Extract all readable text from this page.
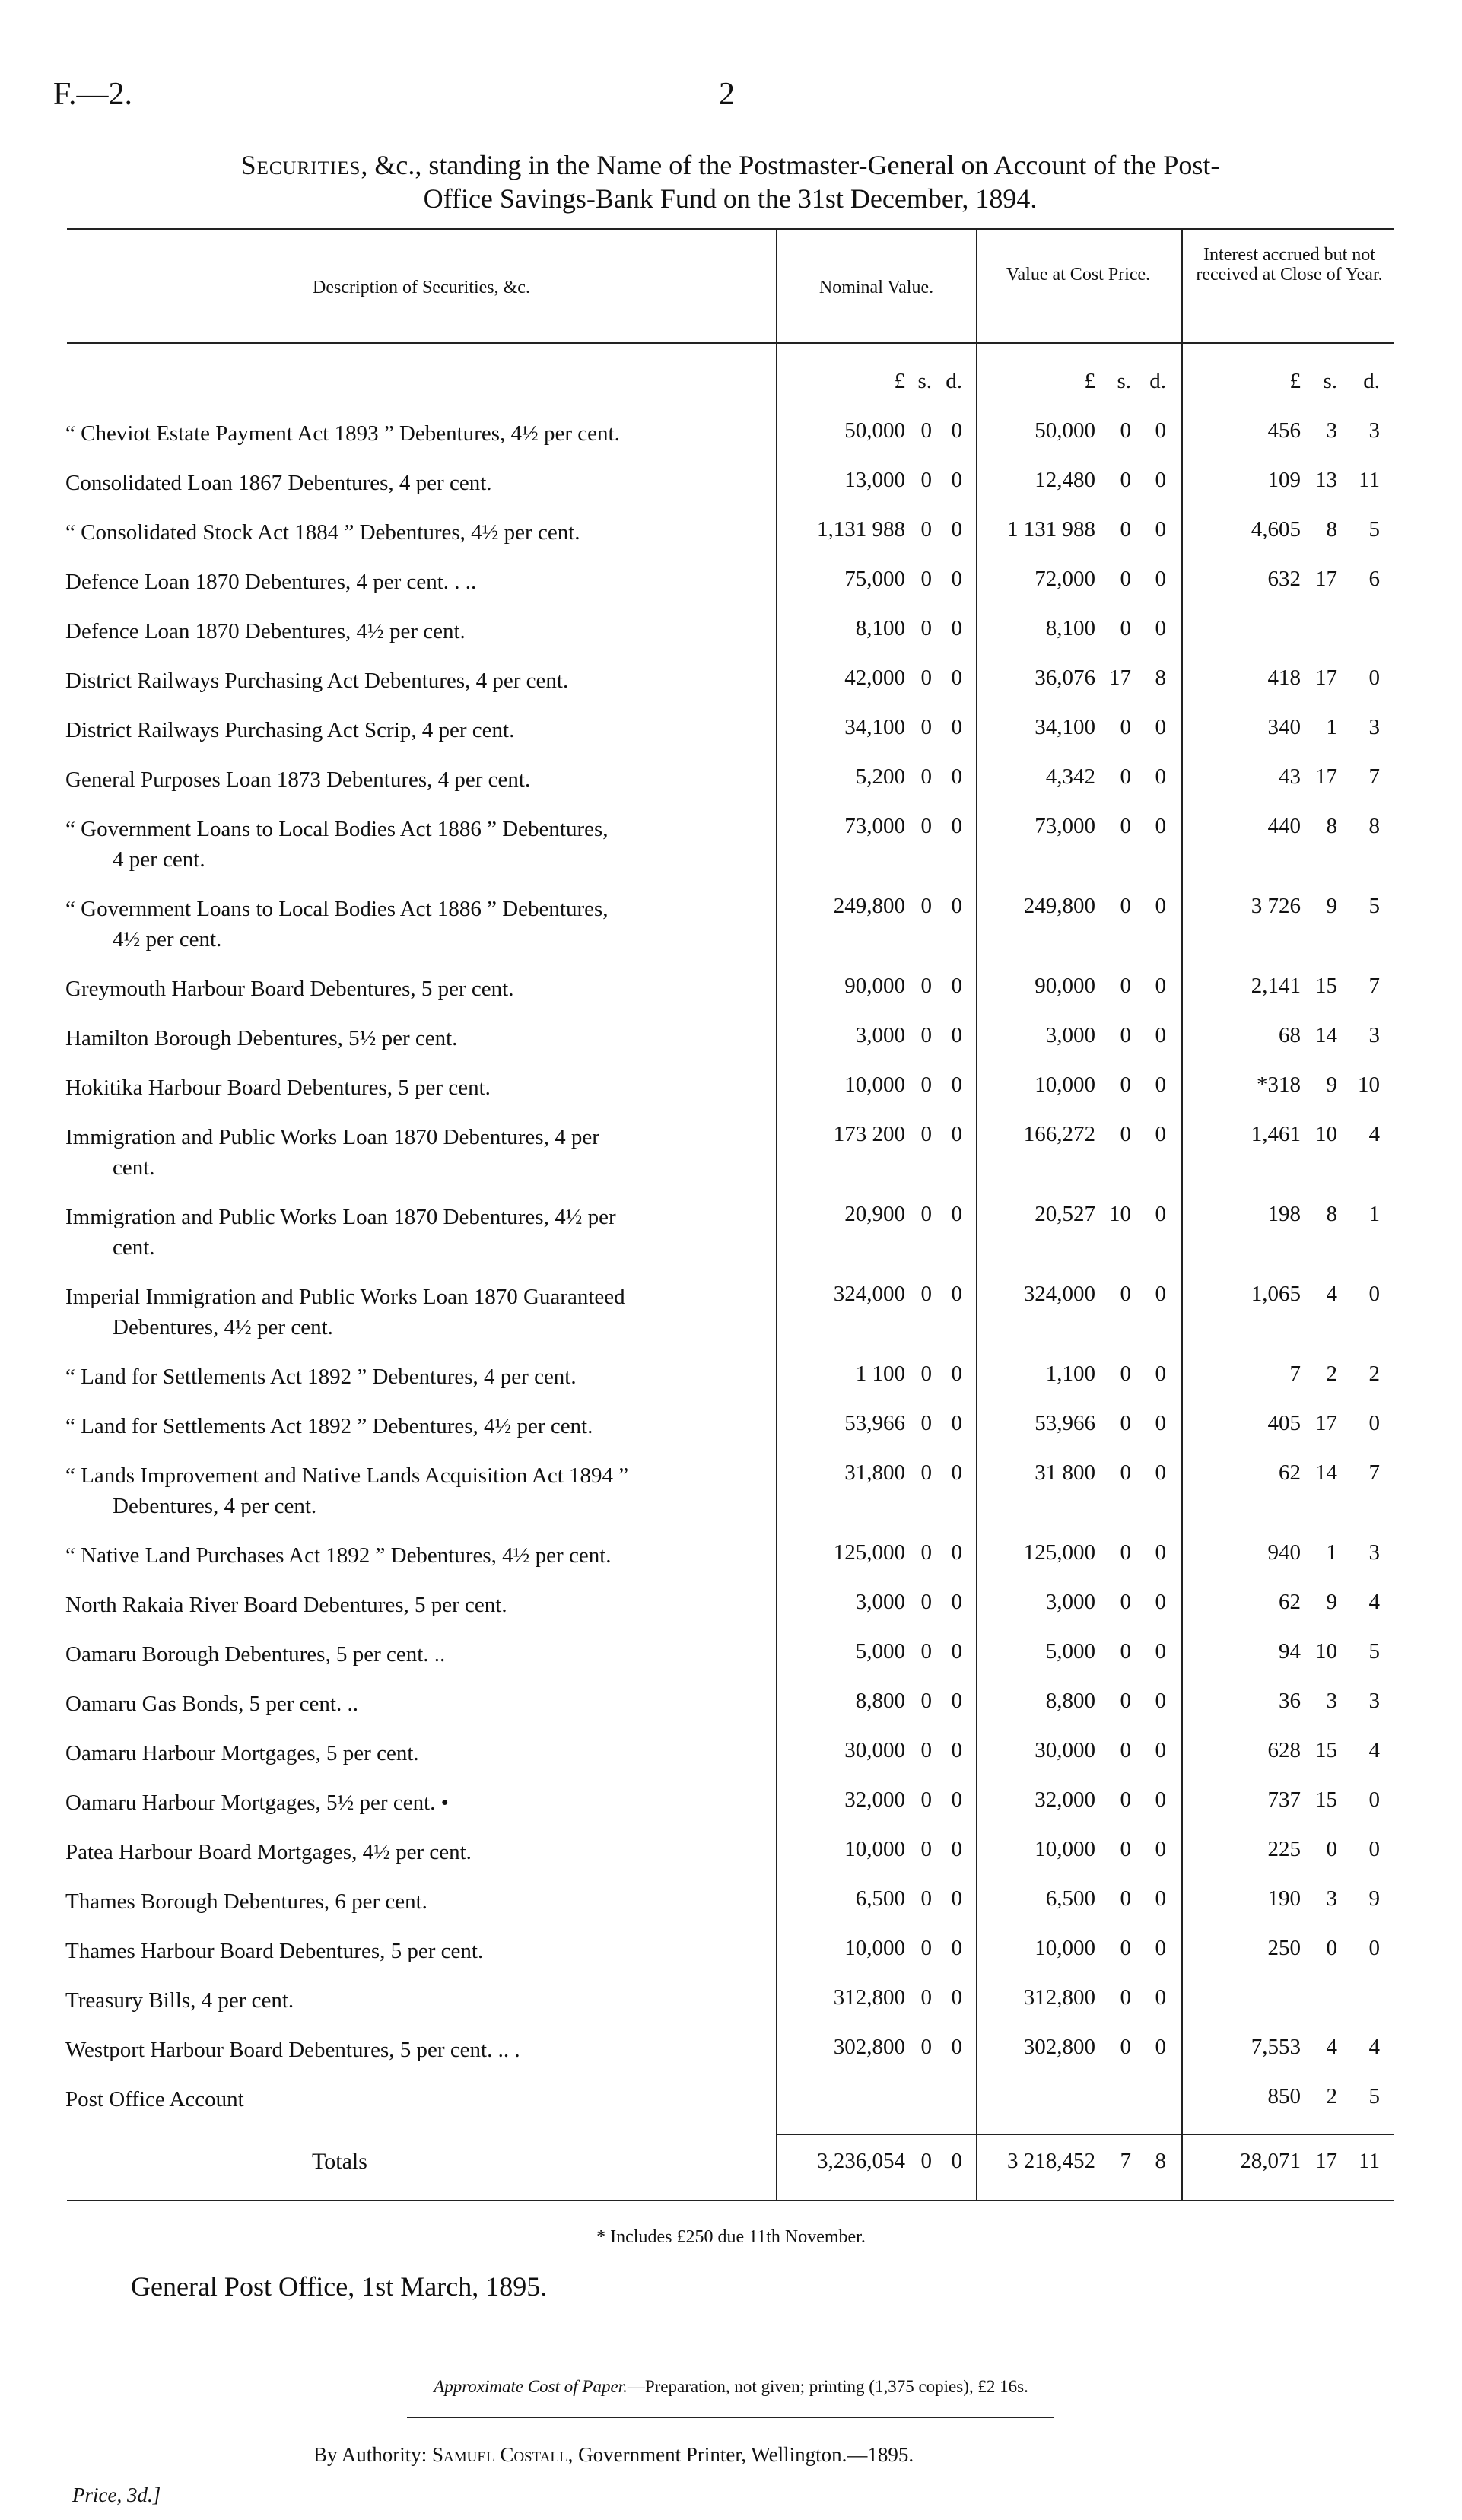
F.—2.	2
Securities, &c., standing in the Name of the Postmaster-General on Account of the Post-
Office Savings-Bank Fund on the 31st December, 1894.
Description of Securities, &c.	Nominal Value.
Value at Cost Price.
Interest accrued but not received at Close of Year.
£ s. d.	£ s. d.	£	s.	d.
“ Cheviot Estate Payment Act 1893 ” Debentures, 4½ per cent.	50,000 0 0	50,000	0	0	456	3	3
Consolidated Loan 1867 Debentures, 4 per cent.	13,000 0 0	12,480	0	0	109 13 11
“ Consolidated Stock Act 1884 ” Debentures, 4½ per cent.	1,131 988 0 0	1 131 988	0	0	4,605	8	5
Defence Loan 1870 Debentures, 4 per cent. . ..	75,000 0 0	72,000	0	0	632 17	6
Defence Loan 1870 Debentures, 4½ per cent.	8,100 0 0	8,100	0	0
District Railways Purchasing Act Debentures, 4 per cent.	42,000 0 0	36,076 17	8	418 17	0
District Railways Purchasing Act Scrip, 4 per cent.	34,100 0 0	34,100	0	0	340	1	3
General Purposes Loan 1873 Debentures, 4 per cent.	5,200 0 0	4,342	0	0	43 17	7
“ Government Loans to Local Bodies Act 1886 ” Debentures,
4 per cent.
73,000 0 0	73,000	0	0	440	8	8
“ Government Loans to Local Bodies Act 1886 ” Debentures,
4½ per cent.
249,800 0 0	249,800	0	0	3 726	9	5
Greymouth Harbour Board Debentures, 5 per cent.	90,000 0 0	90,000	0	0	2,141 15	7
Hamilton Borough Debentures, 5½ per cent.	3,000 0 0	3,000	0	0	68 14	3
Hokitika Harbour Board Debentures, 5 per cent.	10,000 0 0	10,000	0	0	*318	9 10
Immigration and Public Works Loan 1870 Debentures, 4 per
cent.
173 200 0 0	166,272	0	0	1,461 10	4
Immigration and Public Works Loan 1870 Debentures, 4½ per
cent.
20,900 0 0	20,527 10	0	198	8	1
Imperial Immigration and Public Works Loan 1870 Guaranteed
Debentures, 4½ per cent.
324,000 0 0	324,000	0	0	1,065	4	0
“ Land for Settlements Act 1892 ” Debentures, 4 per cent.	1 100 0 0	1,100	0	0	7	2	2
“ Land for Settlements Act 1892 ” Debentures, 4½ per cent.	53,966 0 0	53,966	0	0	405 17	0
“ Lands Improvement and Native Lands Acquisition Act 1894 ”
Debentures, 4 per cent.
31,800 0 0	31 800	0	0	62 14	7
“ Native Land Purchases Act 1892 ” Debentures, 4½ per cent.	125,000 0 0	125,000	0	0	940	1	3
North Rakaia River Board Debentures, 5 per cent.	3,000 0 0	3,000	0	0	62	9	4
Oamaru Borough Debentures, 5 per cent. ..	5,000 0 0	5,000	0	0	94 10	5
Oamaru Gas Bonds, 5 per cent. ..	8,800 0 0	8,800	0	0	36	3	3
Oamaru Harbour Mortgages, 5 per cent.	30,000 0 0	30,000	0	0	628 15	4
Oamaru Harbour Mortgages, 5½ per cent. •	32,000 0 0	32,000	0	0	737 15	0
Patea Harbour Board Mortgages, 4½ per cent.	10,000 0 0	10,000	0	0	225	0	0
Thames Borough Debentures, 6 per cent.	6,500 0 0	6,500	0	0	190	3	9
Thames Harbour Board Debentures, 5 per cent.	10,000 0 0	10,000	0	0	250	0	0
Treasury Bills, 4 per cent.	312,800 0 0	312,800	0	0
Westport Harbour Board Debentures, 5 per cent. .. .	302,800 0 0	302,800	0	0	7,553	4	4
Post Office Account	850	2	5
Totals	3,236,054 0 0	3 218,452	7	8	28,071 17 11
* Includes £250 due 11th November.
General Post Office, 1st March, 1895.
Approximate Cost of Paper.—Preparation, not given; printing (1,375 copies), £2 16s.
By Authority: Samuel Costall, Government Printer, Wellington.—1895.
Price, 3d.]
